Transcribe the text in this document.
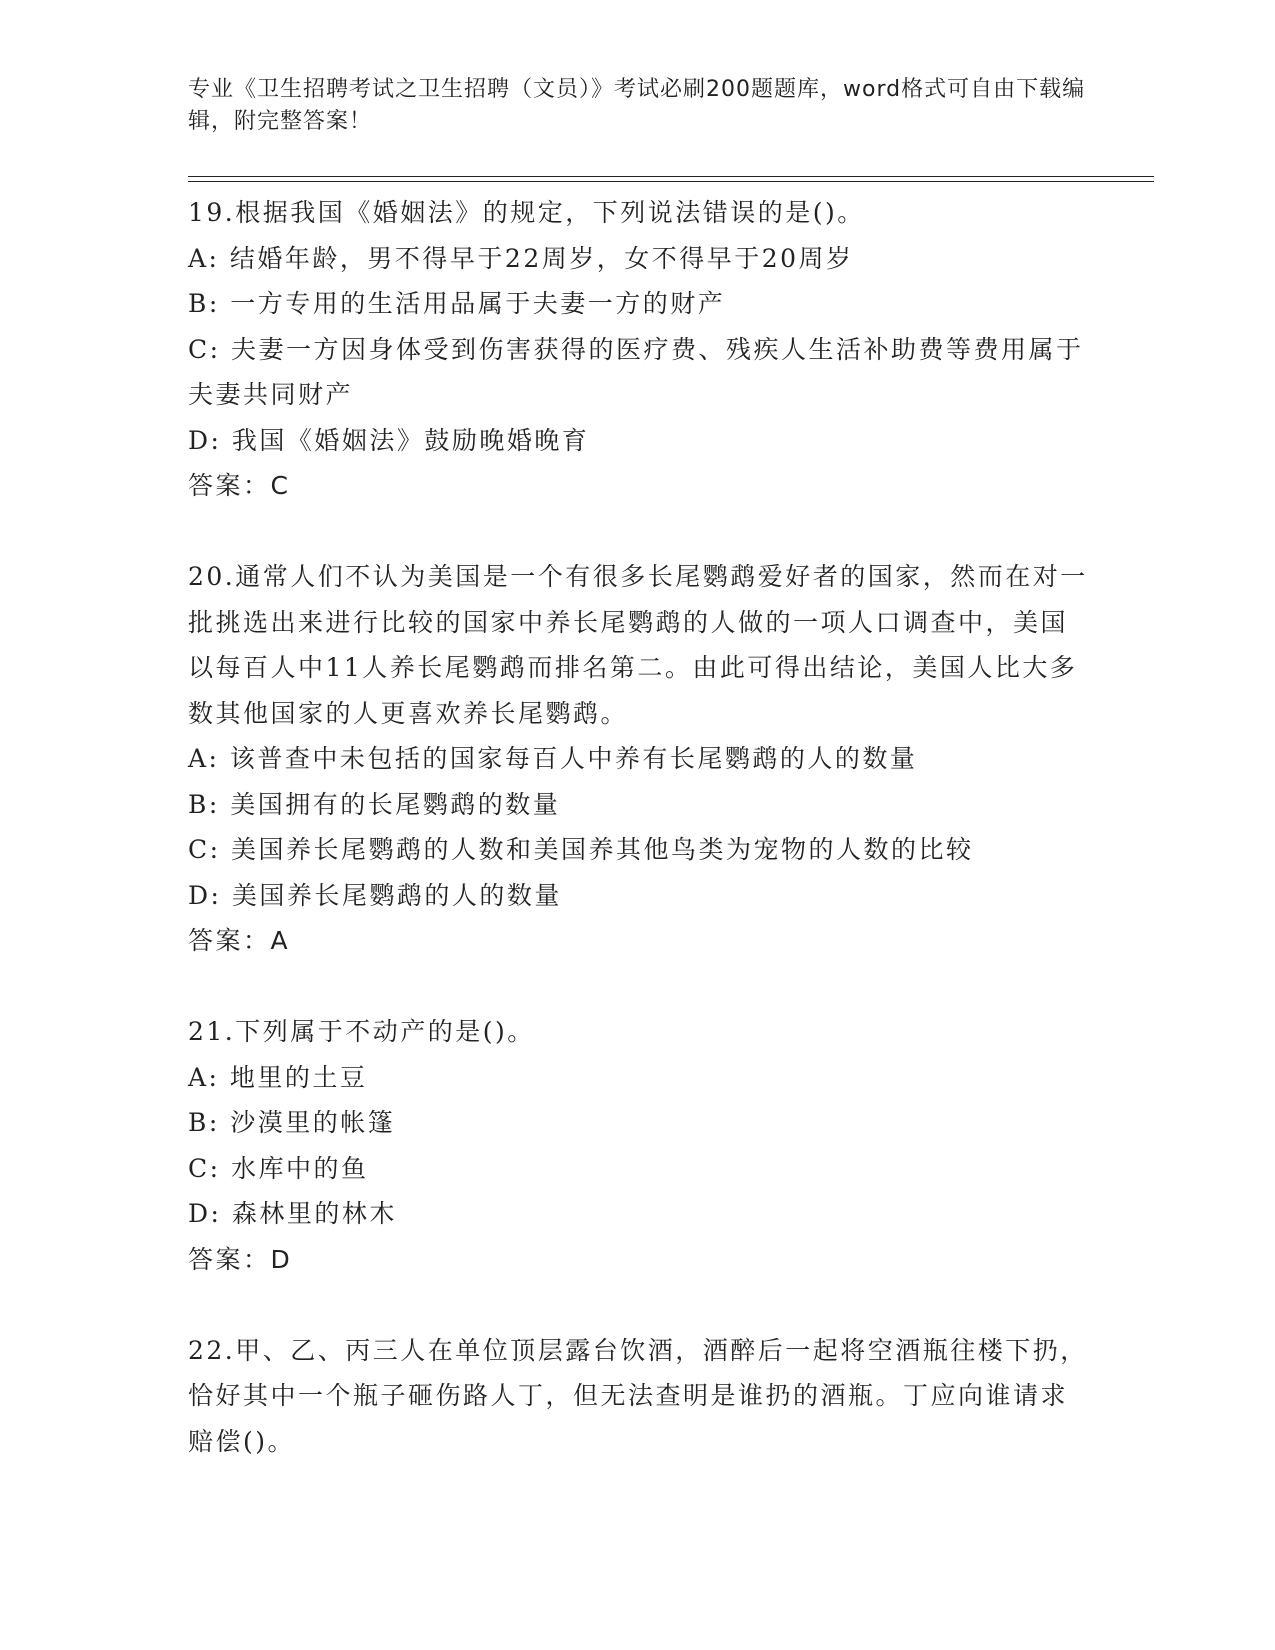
专业《卫生招聘考试之卫生招聘（文员）》考试必刷200题题库，word格式可自由下载编辑，附完整答案！

19.根据我国《婚姻法》的规定，下列说法错误的是()。

A: 结婚年龄，男不得早于22周岁，女不得早于20周岁

B: 一方专用的生活用品属于夫妻一方的财产

C: 夫妻一方因身体受到伤害获得的医疗费、残疾人生活补助费等费用属于夫妻共同财产

D: 我国《婚姻法》鼓励晚婚晚育

答案：C

20.通常人们不认为美国是一个有很多长尾鹦鹉爱好者的国家，然而在对一批挑选出来进行比较的国家中养长尾鹦鹉的人做的一项人口调查中，美国以每百人中11人养长尾鹦鹉而排名第二。由此可得出结论，美国人比大多数其他国家的人更喜欢养长尾鹦鹉。

A: 该普查中未包括的国家每百人中养有长尾鹦鹉的人的数量

B: 美国拥有的长尾鹦鹉的数量

C: 美国养长尾鹦鹉的人数和美国养其他鸟类为宠物的人数的比较

D: 美国养长尾鹦鹉的人的数量

答案：A

21.下列属于不动产的是()。

A: 地里的土豆

B: 沙漠里的帐篷

C: 水库中的鱼

D: 森林里的林木

答案：D

22.甲、乙、丙三人在单位顶层露台饮酒，酒醉后一起将空酒瓶往楼下扔，恰好其中一个瓶子砸伤路人丁，但无法查明是谁扔的酒瓶。丁应向谁请求赔偿()。
